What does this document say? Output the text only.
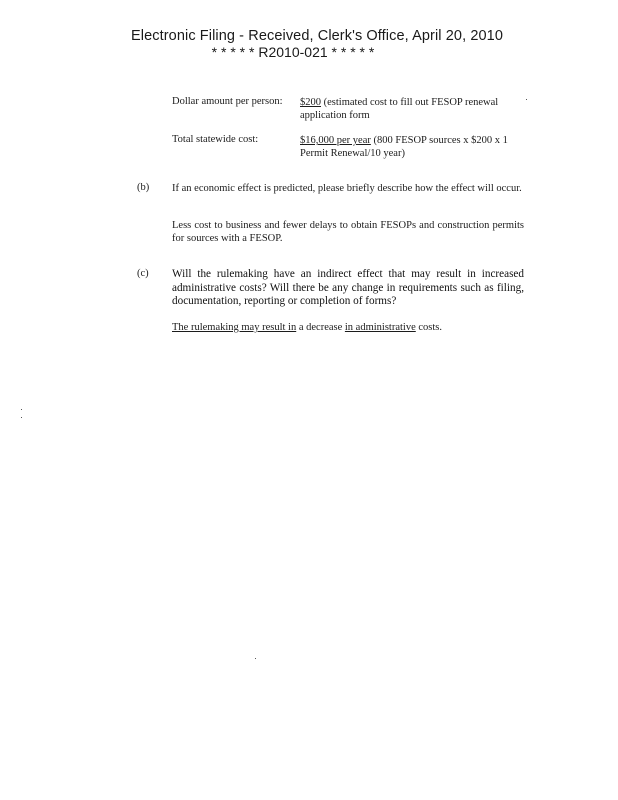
Electronic Filing - Received, Clerk's Office, April 20, 2010
* * * * * R2010-021 * * * * *
Dollar amount per person: $200 (estimated cost to fill out FESOP renewal
application form
Total statewide cost:	$16,000 per year (800 FESOP sources x $200 x 1
Permit Renewal/10 year)
(b) If an economic effect is predicted, please briefly describe how the effect will occur.
Less cost to business and fewer delays to obtain FESOPs and construction permits for sources with a FESOP.
(c) Will the rulemaking have an indirect effect that may result in increased administrative costs? Will there be any change in requirements such as filing, documentation, reporting or completion of forms?
The rulemaking may result in a decrease in administrative costs.
